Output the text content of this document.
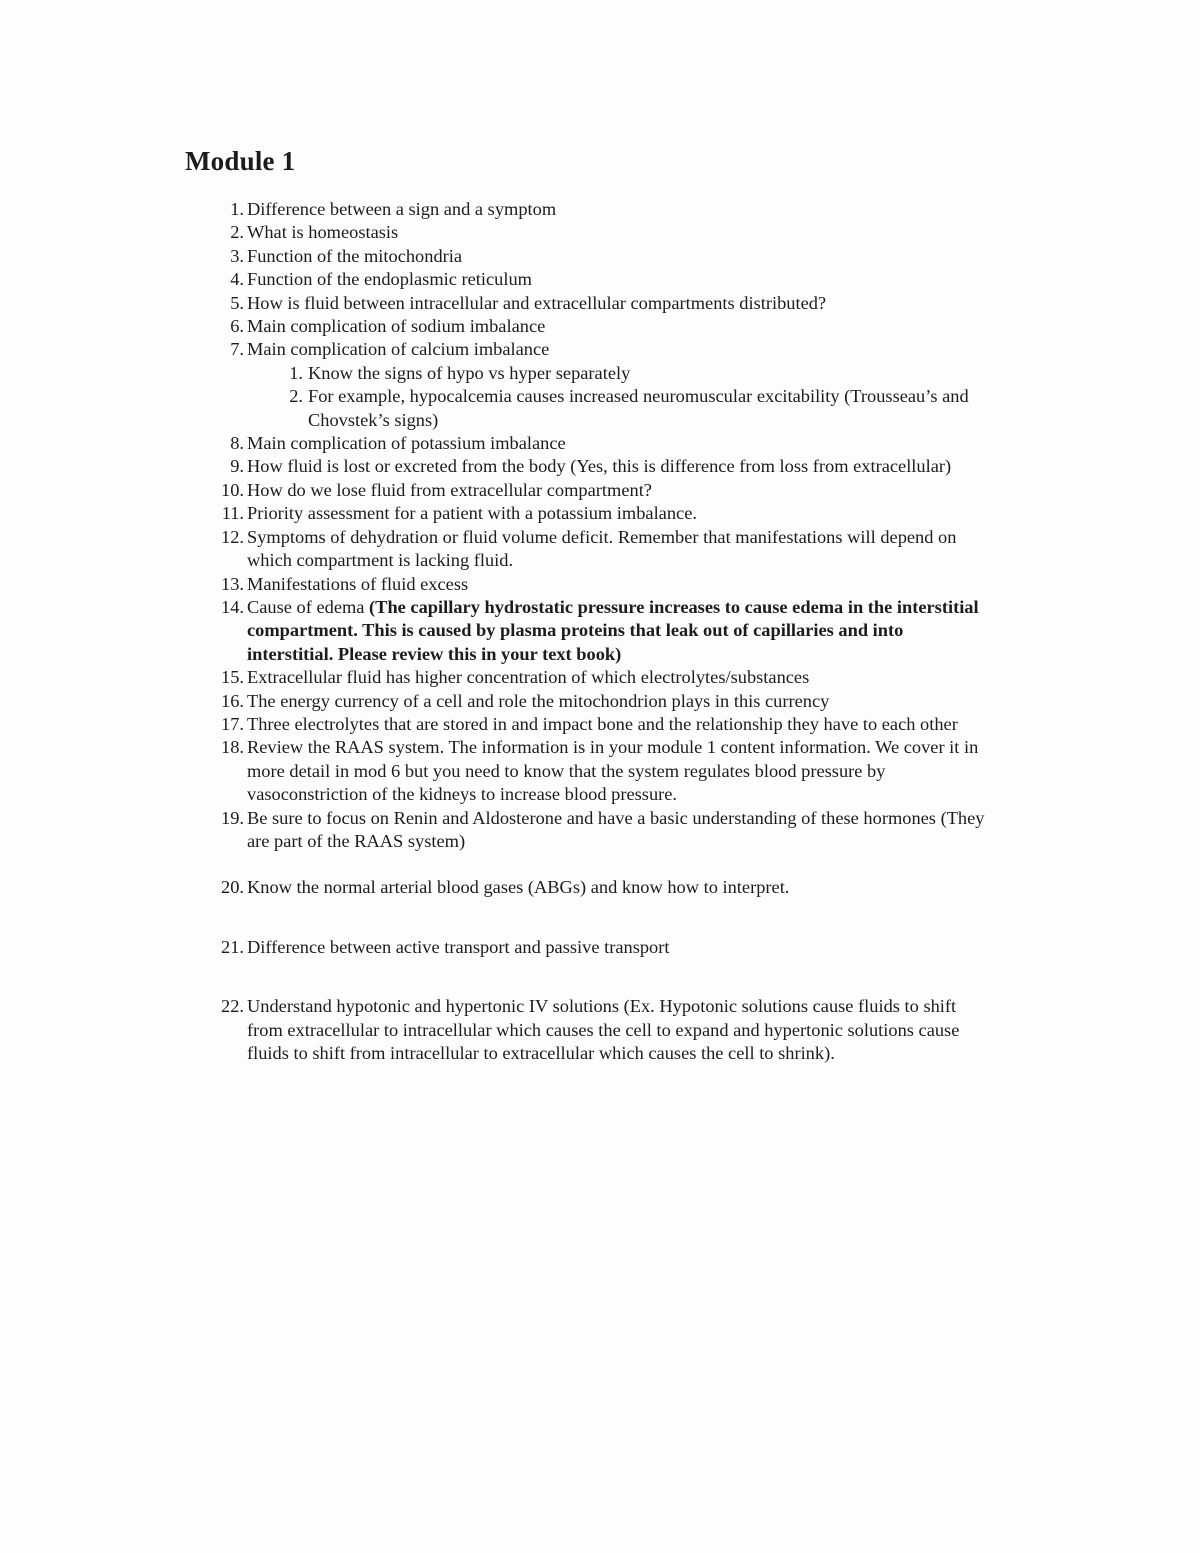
Module 1
1. Difference between a sign and a symptom
2. What is homeostasis
3. Function of the mitochondria
4. Function of the endoplasmic reticulum
5. How is fluid between intracellular and extracellular compartments distributed?
6. Main complication of sodium imbalance
7. Main complication of calcium imbalance
1. Know the signs of hypo vs hyper separately
2. For example, hypocalcemia causes increased neuromuscular excitability (Trousseau’s and Chovstek’s signs)
8. Main complication of potassium imbalance
9. How fluid is lost or excreted from the body (Yes, this is difference from loss from extracellular)
10. How do we lose fluid from extracellular compartment?
11. Priority assessment for a patient with a potassium imbalance.
12. Symptoms of dehydration or fluid volume deficit. Remember that manifestations will depend on which compartment is lacking fluid.
13. Manifestations of fluid excess
14. Cause of edema (The capillary hydrostatic pressure increases to cause edema in the interstitial compartment. This is caused by plasma proteins that leak out of capillaries and into interstitial. Please review this in your text book)
15. Extracellular fluid has higher concentration of which electrolytes/substances
16. The energy currency of a cell and role the mitochondrion plays in this currency
17. Three electrolytes that are stored in and impact bone and the relationship they have to each other
18. Review the RAAS system. The information is in your module 1 content information. We cover it in more detail in mod 6 but you need to know that the system regulates blood pressure by vasoconstriction of the kidneys to increase blood pressure.
19. Be sure to focus on Renin and Aldosterone and have a basic understanding of these hormones (They are part of the RAAS system)
20. Know the normal arterial blood gases (ABGs) and know how to interpret.
21. Difference between active transport and passive transport
22. Understand hypotonic and hypertonic IV solutions (Ex. Hypotonic solutions cause fluids to shift from extracellular to intracellular which causes the cell to expand and hypertonic solutions cause fluids to shift from intracellular to extracellular which causes the cell to shrink).
